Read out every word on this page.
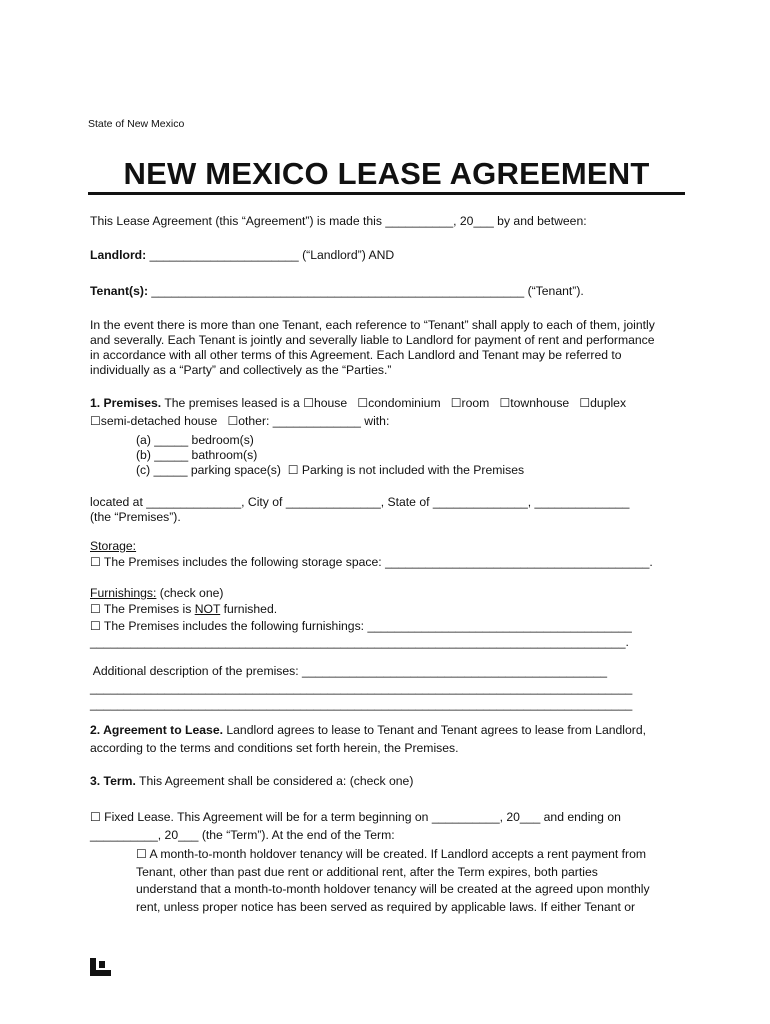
State of New Mexico
NEW MEXICO LEASE AGREEMENT
This Lease Agreement (this “Agreement”) is made this __________, 20___ by and between:
Landlord: ______________________ (“Landlord”) AND
Tenant(s): _______________________________________________________ (“Tenant”).
In the event there is more than one Tenant, each reference to “Tenant” shall apply to each of them, jointly
and severally. Each Tenant is jointly and severally liable to Landlord for payment of rent and performance
in accordance with all other terms of this Agreement. Each Landlord and Tenant may be referred to
individually as a “Party” and collectively as the “Parties.”
1. Premises. The premises leased is a ☐house ☐condominium ☐room ☐townhouse ☐duplex
☐semi-detached house ☐other: _____________ with:
(a) _____ bedroom(s)
(b) _____ bathroom(s)
(c) _____ parking space(s) ☐ Parking is not included with the Premises
located at ______________, City of ______________, State of ______________, ______________
(the “Premises”).
Storage:
☐ The Premises includes the following storage space: _______________________________________.
Furnishings: (check one)
☐ The Premises is NOT furnished.
☐ The Premises includes the following furnishings: _______________________________________
_______________________________________________________________________________.
Additional description of the premises: _____________________________________________
________________________________________________________________________________
________________________________________________________________________________
2. Agreement to Lease. Landlord agrees to lease to Tenant and Tenant agrees to lease from Landlord,
according to the terms and conditions set forth herein, the Premises.
3. Term. This Agreement shall be considered a: (check one)
☐ Fixed Lease. This Agreement will be for a term beginning on __________, 20___ and ending on
__________, 20___ (the “Term”). At the end of the Term:
☐ A month-to-month holdover tenancy will be created. If Landlord accepts a rent payment from
Tenant, other than past due rent or additional rent, after the Term expires, both parties
understand that a month-to-month holdover tenancy will be created at the agreed upon monthly
rent, unless proper notice has been served as required by applicable laws. If either Tenant or
